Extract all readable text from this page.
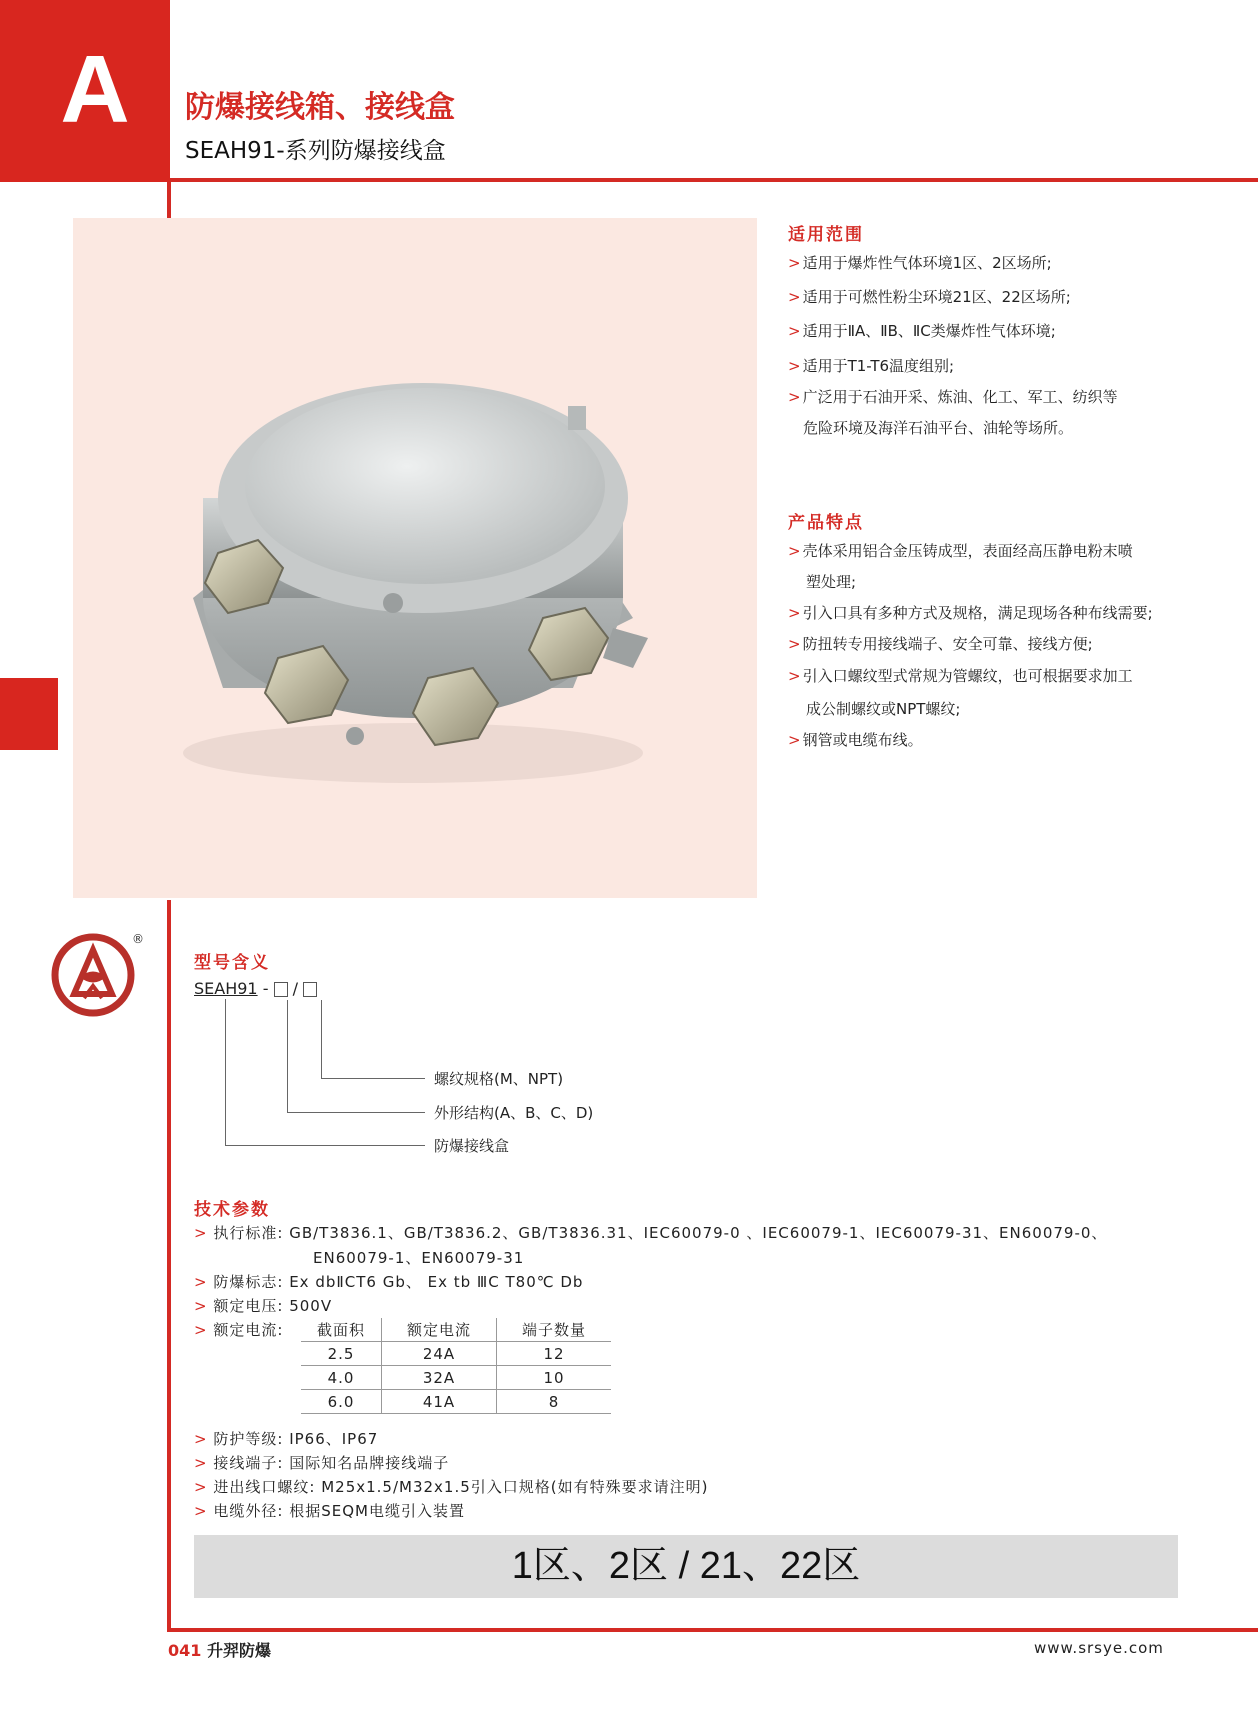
A	防爆接线箱、接线盒
SEAH91-系列防爆接线盒
适用范围
> 适用于爆炸性气体环境1区、2区场所;
> 适用于可燃性粉尘环境21区、22区场所;
> 适用于ⅡA、ⅡB、ⅡC类爆炸性气体环境;
> 适用于T1-T6温度组别;
> 广泛用于石油开采、炼油、化工、军工、纺织等
危险环境及海洋石油平台、油轮等场所。
产品特点
> 壳体采用铝合金压铸成型，表面经高压静电粉末喷
塑处理;
> 引入口具有多种方式及规格，满足现场各种布线需要;
> 防扭转专用接线端子、安全可靠、接线方便;
> 引入口螺纹型式常规为管螺纹，也可根据要求加工
成公制螺纹或NPT螺纹;
> 钢管或电缆布线。
®
型号含义
SEAH91 - /
螺纹规格(M、NPT)
外形结构(A、B、C、D)
防爆接线盒
技术参数
> 执行标准: GB/T3836.1、GB/T3836.2、GB/T3836.31、IEC60079-0 、IEC60079-1、IEC60079-31、EN60079-0、
EN60079-1、EN60079-31
> 防爆标志: Ex dbⅡCT6 Gb、 Ex tb ⅢC T80℃ Db
> 额定电压: 500V
> 额定电流: 截面积	额定电流	端子数量
2.5	24A	12
4.0	32A	10
6.0	41A	8
> 防护等级: IP66、IP67
> 接线端子: 国际知名品牌接线端子
> 进出线口螺纹: M25x1.5/M32x1.5引入口规格(如有特殊要求请注明)
> 电缆外径: 根据SEQM电缆引入装置
1区、2区 / 21、22区
041 升羿防爆	www.srsye.com
